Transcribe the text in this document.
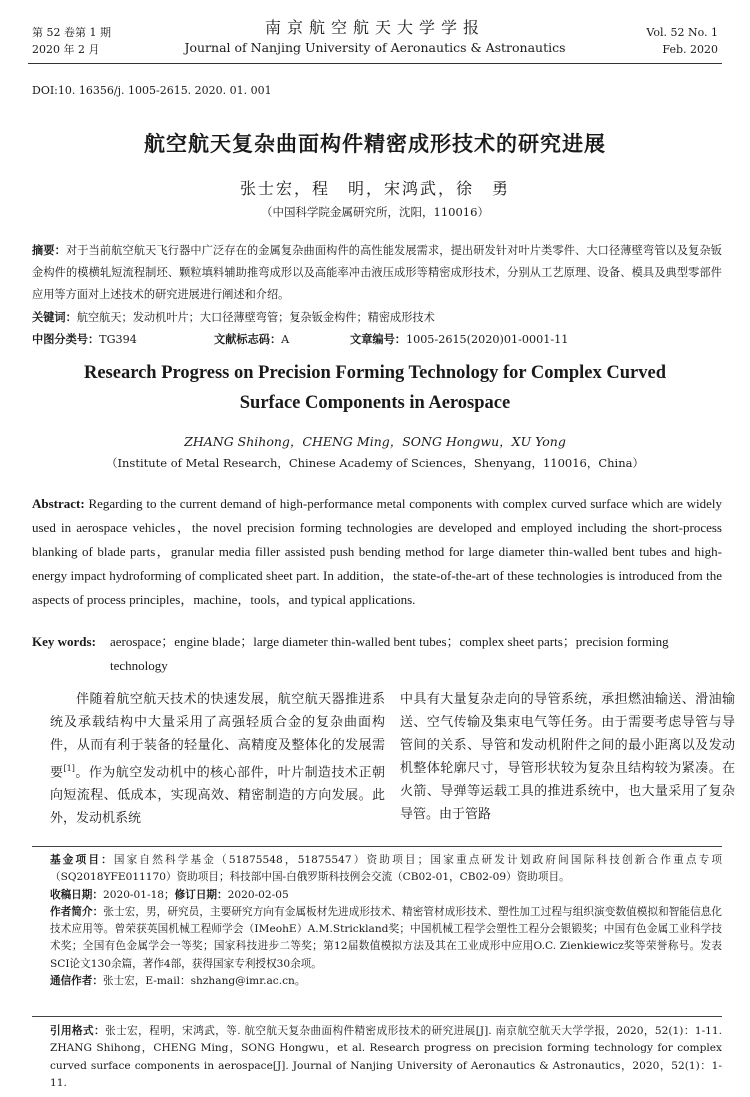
第 52 卷第 1 期
2020 年 2 月
南京航空航天大学学报
Journal of Nanjing University of Aeronautics & Astronautics
Vol. 52 No. 1
Feb. 2020
DOI:10. 16356/j. 1005-2615. 2020. 01. 001
航空航天复杂曲面构件精密成形技术的研究进展
张士宏，程　明，宋鸿武，徐　勇
（中国科学院金属研究所，沈阳，110016）
摘要：对于当前航空航天飞行器中广泛存在的金属复杂曲面构件的高性能发展需求，提出研发针对叶片类零件、大口径薄壁弯管以及复杂钣金构件的模横轧短流程制坯、颗粒填料辅助推弯成形以及高能率冲击液压成形等精密成形技术，分别从工艺原理、设备、模具及典型零部件应用等方面对上述技术的研究进展进行阐述和介绍。
关键词：航空航天；发动机叶片；大口径薄壁弯管；复杂钣金构件；精密成形技术
中图分类号：TG394	文献标志码：A	文章编号：1005-2615(2020)01-0001-11
Research Progress on Precision Forming Technology for Complex Curved
Surface Components in Aerospace
ZHANG Shihong，CHENG Ming，SONG Hongwu，XU Yong
（Institute of Metal Research，Chinese Academy of Sciences，Shenyang，110016，China）
Abstract: Regarding to the current demand of high-performance metal components with complex curved surface which are widely used in aerospace vehicles，the novel precision forming technologies are developed and employed including the short-process blanking of blade parts，granular media filler assisted push bending method for large diameter thin-walled bent tubes and high-energy impact hydroforming of complicated sheet part. In addition，the state-of-the-art of these technologies is introduced from the aspects of process principles，machine，tools，and typical applications.
Key words:	aerospace；engine blade；large diameter thin-walled bent tubes；complex sheet parts；precision forming technology

伴随着航空航天技术的快速发展，航空航天器推进系统及承载结构中大量采用了高强轻质合金的复杂曲面构件，从而有利于装备的轻量化、高精度及整体化的发展需要[1]。作为航空发动机中的核心部件，叶片制造技术正朝向短流程、低成本，实现高效、精密制造的方向发展。此外，发动机系统

中具有大量复杂走向的导管系统，承担燃油输送、滑油输送、空气传输及集束电气等任务。由于需要考虑导管与导管间的关系、导管和发动机附件之间的最小距离以及发动机整体轮廓尺寸，导管形状较为复杂且结构较为紧凑。在火箭、导弹等运载工具的推进系统中，也大量采用了复杂导管。由于管路

基金项目：国家自然科学基金（51875548，51875547）资助项目；国家重点研发计划政府间国际科技创新合作重点专项（SQ2018YFE011170）资助项目；科技部中国-白俄罗斯科技例会交流（CB02-01，CB02-09）资助项目。

收稿日期：2020-01-18；修订日期：2020-02-05

作者简介：张士宏，男，研究员，主要研究方向有金属板材先进成形技术、精密管材成形技术、塑性加工过程与组织演变数值模拟和智能信息化技术应用等。曾荣获英国机械工程师学会（IMeohE）A.M.Strickland奖；中国机械工程学会塑性工程分会银锻奖；中国有色金属工业科学技术奖；全国有色金属学会一等奖；国家科技进步二等奖；第12届数值模拟方法及其在工业成形中应用O.C. Zienkiewicz奖等荣誉称号。发表SCI论文130余篇，著作4部，获得国家专利授权30余项。

通信作者：张士宏，E-mail：shzhang@imr.ac.cn。

引用格式：张士宏，程明，宋鸿武，等. 航空航天复杂曲面构件精密成形技术的研究进展[J]. 南京航空航天大学学报，2020，52(1)：1-11. ZHANG Shihong，CHENG Ming，SONG Hongwu，et al. Research progress on precision forming technology for complex curved surface components in aerospace[J]. Journal of Nanjing University of Aeronautics & Astronautics，2020，52(1)：1-11.
